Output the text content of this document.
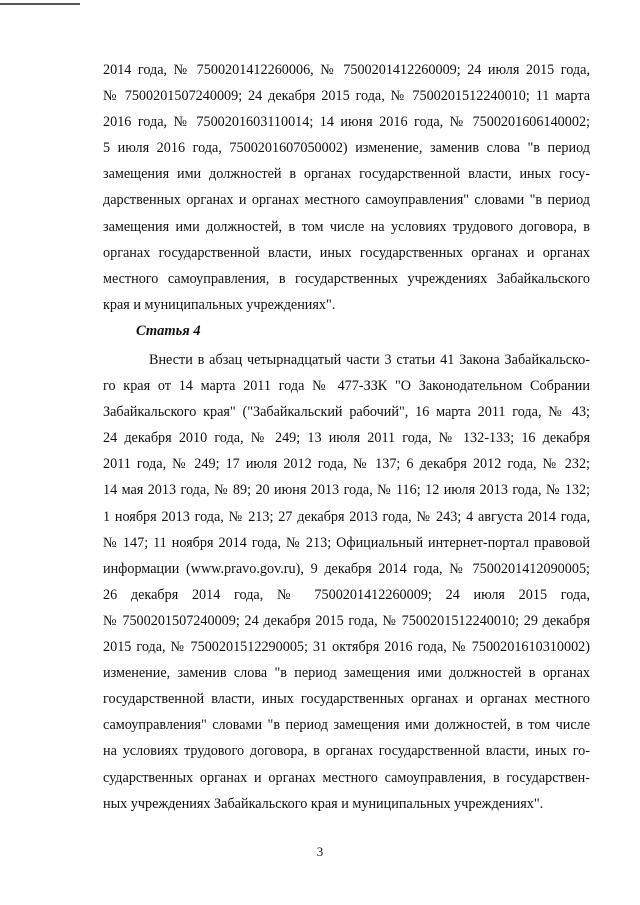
2014 года, № 7500201412260006, № 7500201412260009; 24 июля 2015 года,
№ 7500201507240009; 24 декабря 2015 года, № 7500201512240010; 11 марта
2016 года, № 7500201603110014; 14 июня 2016 года, № 7500201606140002;
5 июля 2016 года, 7500201607050002) изменение, заменив слова "в период
замещения ими должностей в органах государственной власти, иных госу-
дарственных органах и органах местного самоуправления" словами "в период
замещения ими должностей, в том числе на условиях трудового договора, в
органах государственной власти, иных государственных органах и органах
местного самоуправления, в государственных учреждениях Забайкальского
края и муниципальных учреждениях".
Статья 4
Внести в абзац четырнадцатый части 3 статьи 41 Закона Забайкальско-
го края от 14 марта 2011 года № 477-ЗЗК "О Законодательном Собрании
Забайкальского края" ("Забайкальский рабочий", 16 марта 2011 года, № 43;
24 декабря 2010 года, № 249; 13 июля 2011 года, № 132-133; 16 декабря
2011 года, № 249; 17 июля 2012 года, № 137; 6 декабря 2012 года, № 232;
14 мая 2013 года, № 89; 20 июня 2013 года, № 116; 12 июля 2013 года, № 132;
1 ноября 2013 года, № 213; 27 декабря 2013 года, № 243; 4 августа 2014 года,
№ 147; 11 ноября 2014 года, № 213; Официальный интернет-портал правовой
информации (www.pravo.gov.ru), 9 декабря 2014 года, № 7500201412090005;
26 декабря 2014 года, № 7500201412260009; 24 июля 2015 года,
№ 7500201507240009; 24 декабря 2015 года, № 7500201512240010; 29 декабря
2015 года, № 7500201512290005; 31 октября 2016 года, № 7500201610310002)
изменение, заменив слова "в период замещения ими должностей в органах
государственной власти, иных государственных органах и органах местного
самоуправления" словами "в период замещения ими должностей, в том числе
на условиях трудового договора, в органах государственной власти, иных го-
сударственных органах и органах местного самоуправления, в государствен-
ных учреждениях Забайкальского края и муниципальных учреждениях".
3
